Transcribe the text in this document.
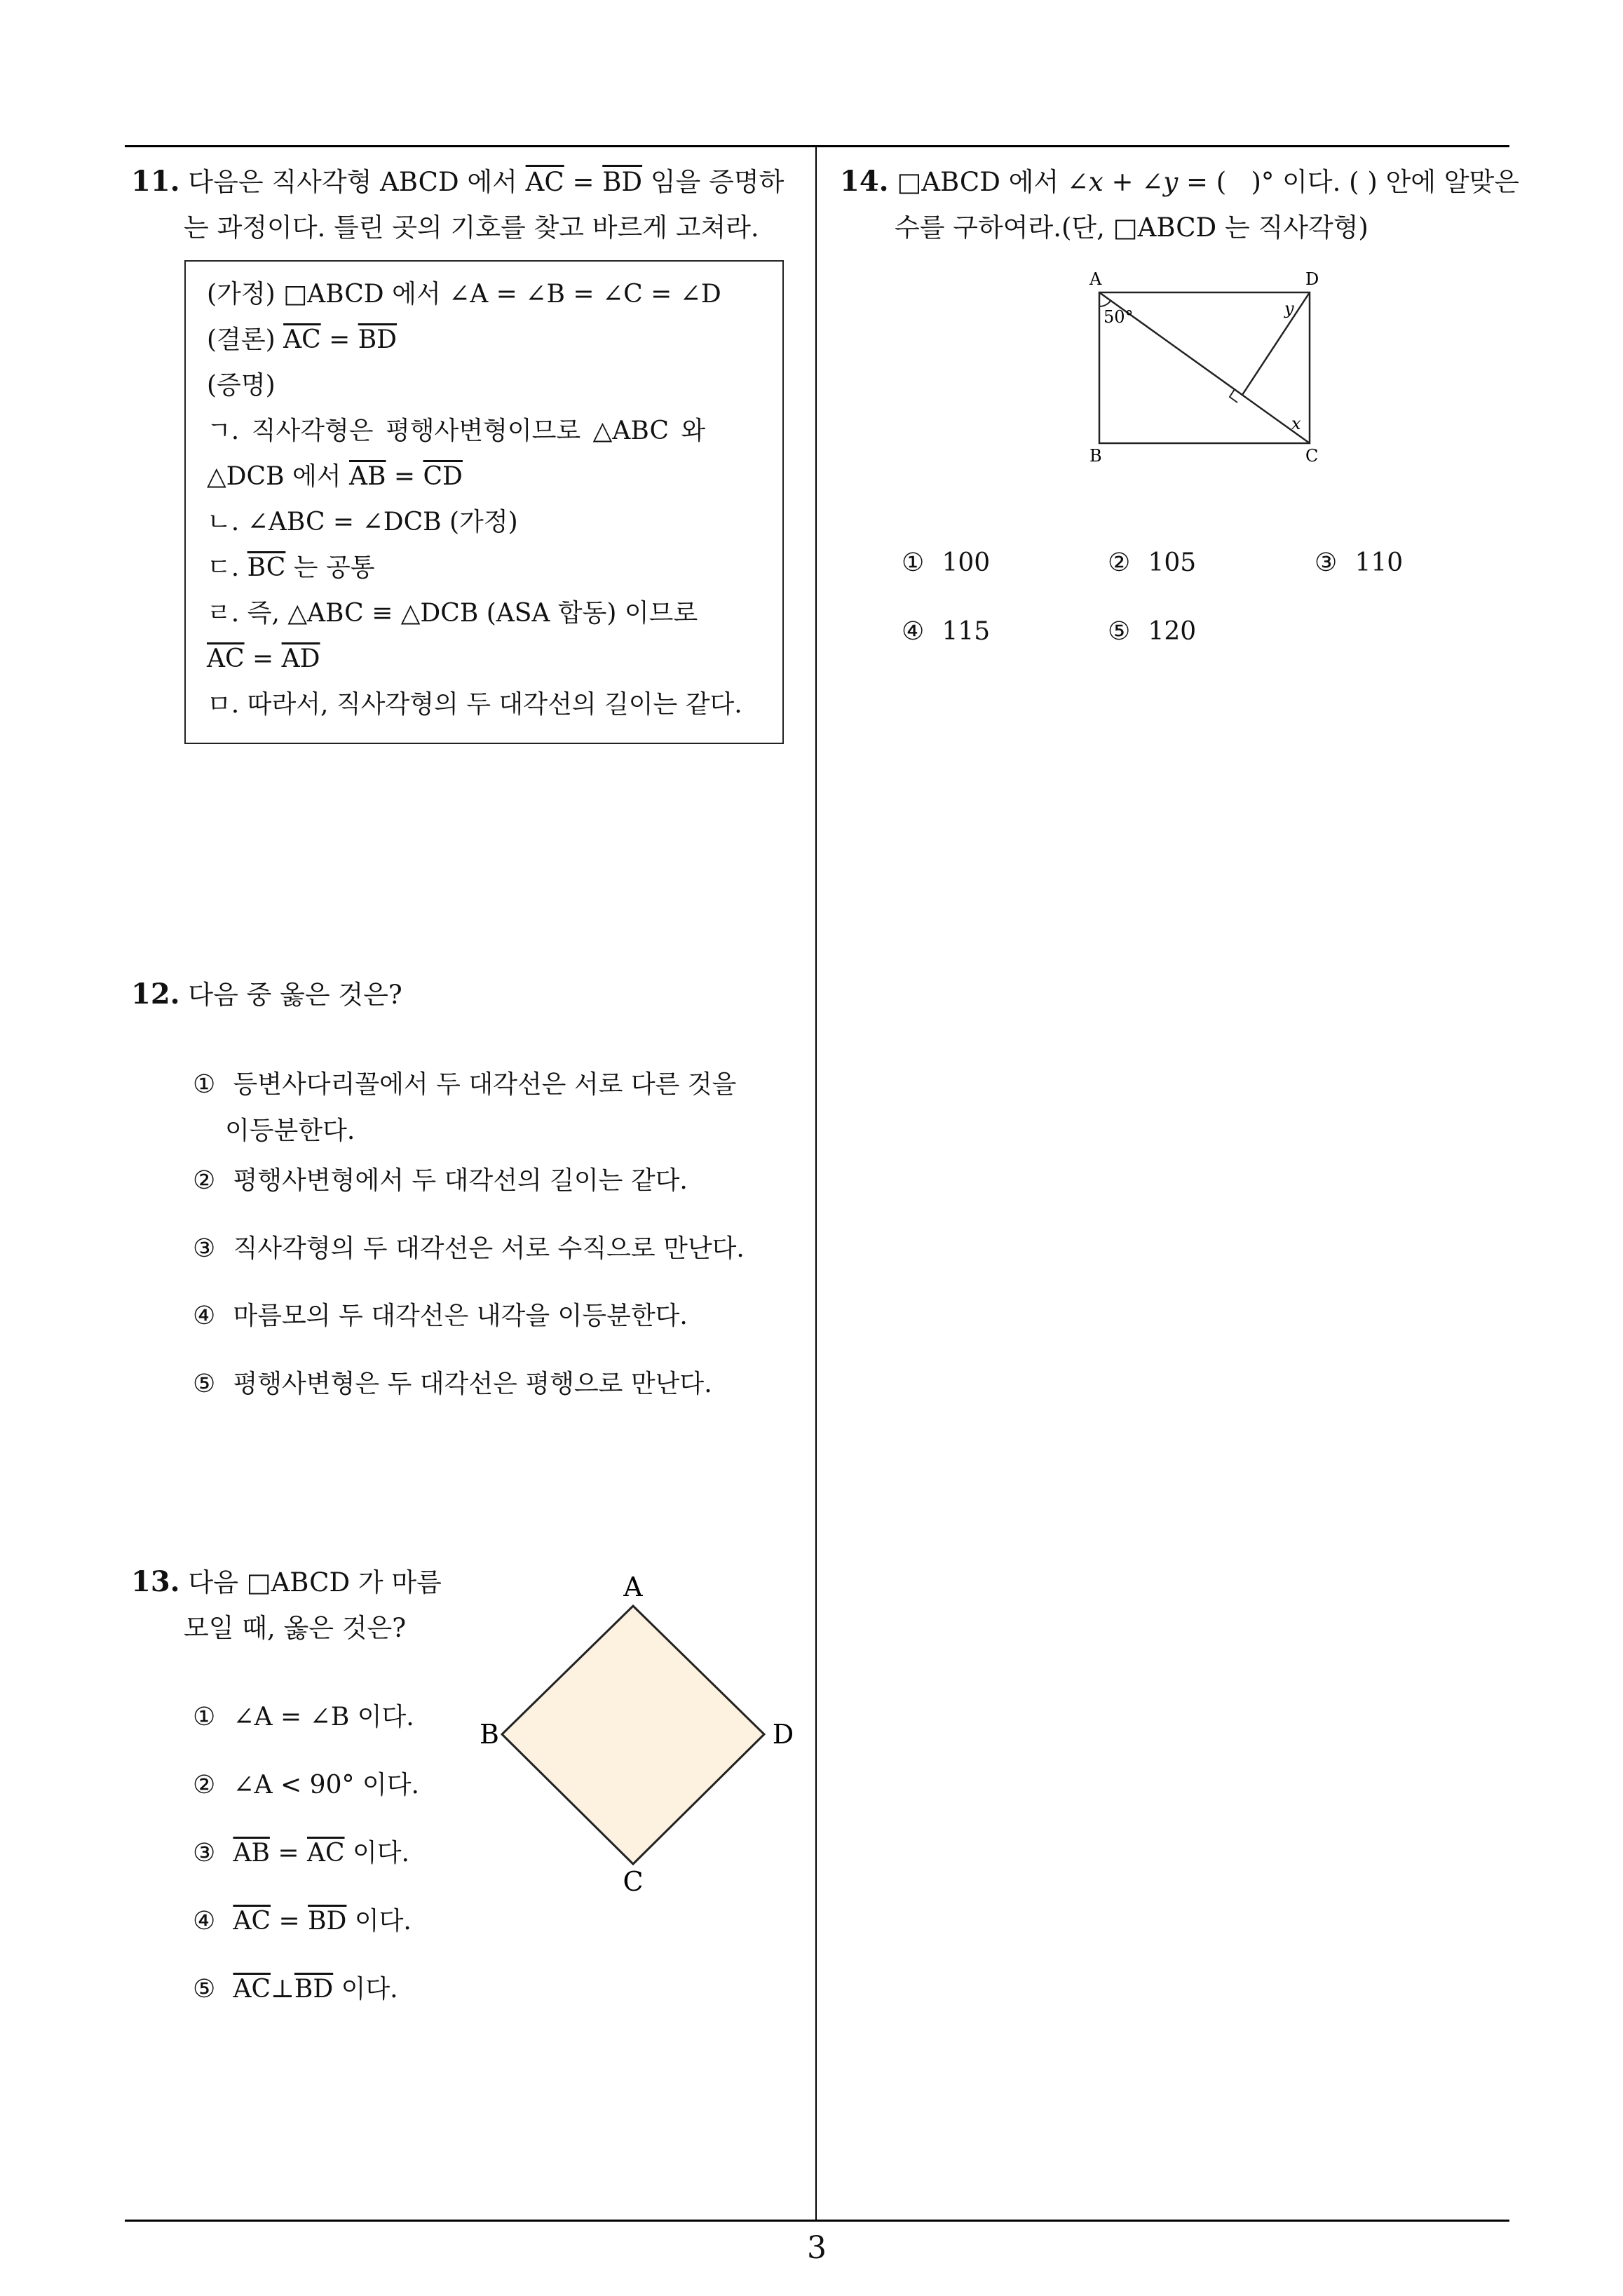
3
11. 다음은 직사각형 ABCD 에서 $\overline{AC} = \overline{BD}$ 임을 증명하
는 과정이다. 틀린 곳의 기호를 찾고 바르게 고쳐라.
(가정) □ABCD 에서 ∠A = ∠B = ∠C = ∠D
(결론) $\overline{AC} = \overline{BD}$
(증명)
ㄱ. 직사각형은 평행사변형이므로 △ABC 와
△DCB 에서 $\overline{AB} = \overline{CD}$
ㄴ. ∠ABC = ∠DCB (가정)
ㄷ. $\overline{BC}$ 는 공통
ㄹ. 즉, △ABC ≡ △DCB (ASA 합동) 이므로
$\overline{AC} = \overline{AD}$
ㅁ. 따라서, 직사각형의 두 대각선의 길이는 같다.
12. 다음 중 옳은 것은?
① 등변사다리꼴에서 두 대각선은 서로 다른 것을
이등분한다.
② 평행사변형에서 두 대각선의 길이는 같다.
③ 직사각형의 두 대각선은 서로 수직으로 만난다.
④ 마름모의 두 대각선은 내각을 이등분한다.
⑤ 평행사변형은 두 대각선은 평행으로 만난다.
13. 다음 □ABCD 가 마름
모일 때, 옳은 것은?
① ∠A = ∠B 이다.
② ∠A < 90° 이다.
③ $\overline{AB} = \overline{AC}$ 이다.
④ $\overline{AC} = \overline{BD}$ 이다.
⑤ $\overline{AC}\perp\overline{BD}$ 이다.
A
B	D
C
14. □ABCD 에서 ∠x + ∠y = (   )° 이다. ( ) 안에 알맞은
수를 구하여라.(단, □ABCD 는 직사각형)
A	D
B	C
50°	y
x
① 100	② 105	③ 110
④ 115	⑤ 120
